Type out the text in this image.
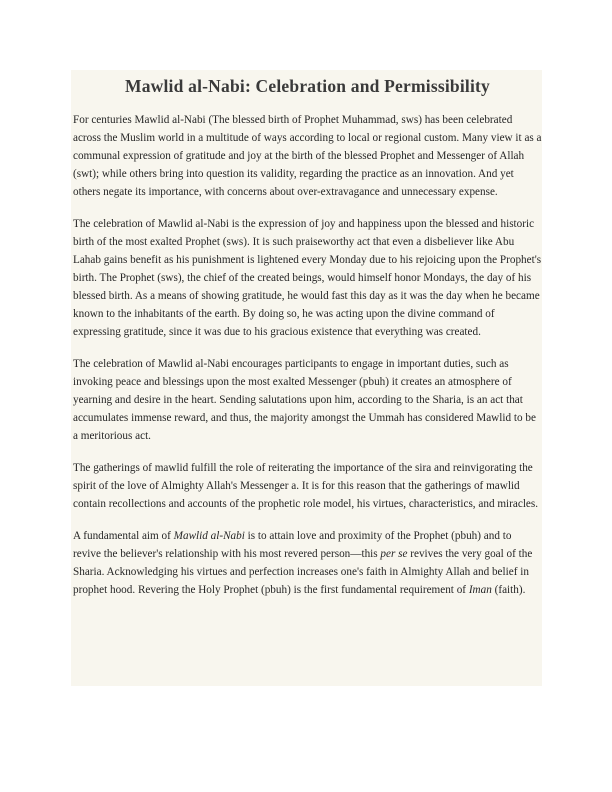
Mawlid al-Nabi: Celebration and Permissibility

For centuries Mawlid al-Nabi (The blessed birth of Prophet Muhammad, sws) has been celebrated across the Muslim world in a multitude of ways according to local or regional custom. Many view it as a communal expression of gratitude and joy at the birth of the blessed Prophet and Messenger of Allah (swt); while others bring into question its validity, regarding the practice as an innovation. And yet others negate its importance, with concerns about over-extravagance and unnecessary expense.

The celebration of Mawlid al-Nabi is the expression of joy and happiness upon the blessed and historic birth of the most exalted Prophet (sws). It is such praiseworthy act that even a disbeliever like Abu Lahab gains benefit as his punishment is lightened every Monday due to his rejoicing upon the Prophet's birth. The Prophet (sws), the chief of the created beings, would himself honor Mondays, the day of his blessed birth. As a means of showing gratitude, he would fast this day as it was the day when he became known to the inhabitants of the earth. By doing so, he was acting upon the divine command of expressing gratitude, since it was due to his gracious existence that everything was created.

The celebration of Mawlid al-Nabi encourages participants to engage in important duties, such as invoking peace and blessings upon the most exalted Messenger (pbuh) it creates an atmosphere of yearning and desire in the heart. Sending salutations upon him, according to the Sharia, is an act that accumulates immense reward, and thus, the majority amongst the Ummah has considered Mawlid to be a meritorious act.

The gatherings of mawlid fulfill the role of reiterating the importance of the sira and reinvigorating the spirit of the love of Almighty Allah's Messenger a. It is for this reason that the gatherings of mawlid contain recollections and accounts of the prophetic role model, his virtues, characteristics, and miracles.

A fundamental aim of Mawlid al-Nabi is to attain love and proximity of the Prophet (pbuh) and to revive the believer's relationship with his most revered person—this per se revives the very goal of the Sharia. Acknowledging his virtues and perfection increases one's faith in Almighty Allah and belief in prophet hood. Revering the Holy Prophet (pbuh) is the first fundamental requirement of Iman (faith).
